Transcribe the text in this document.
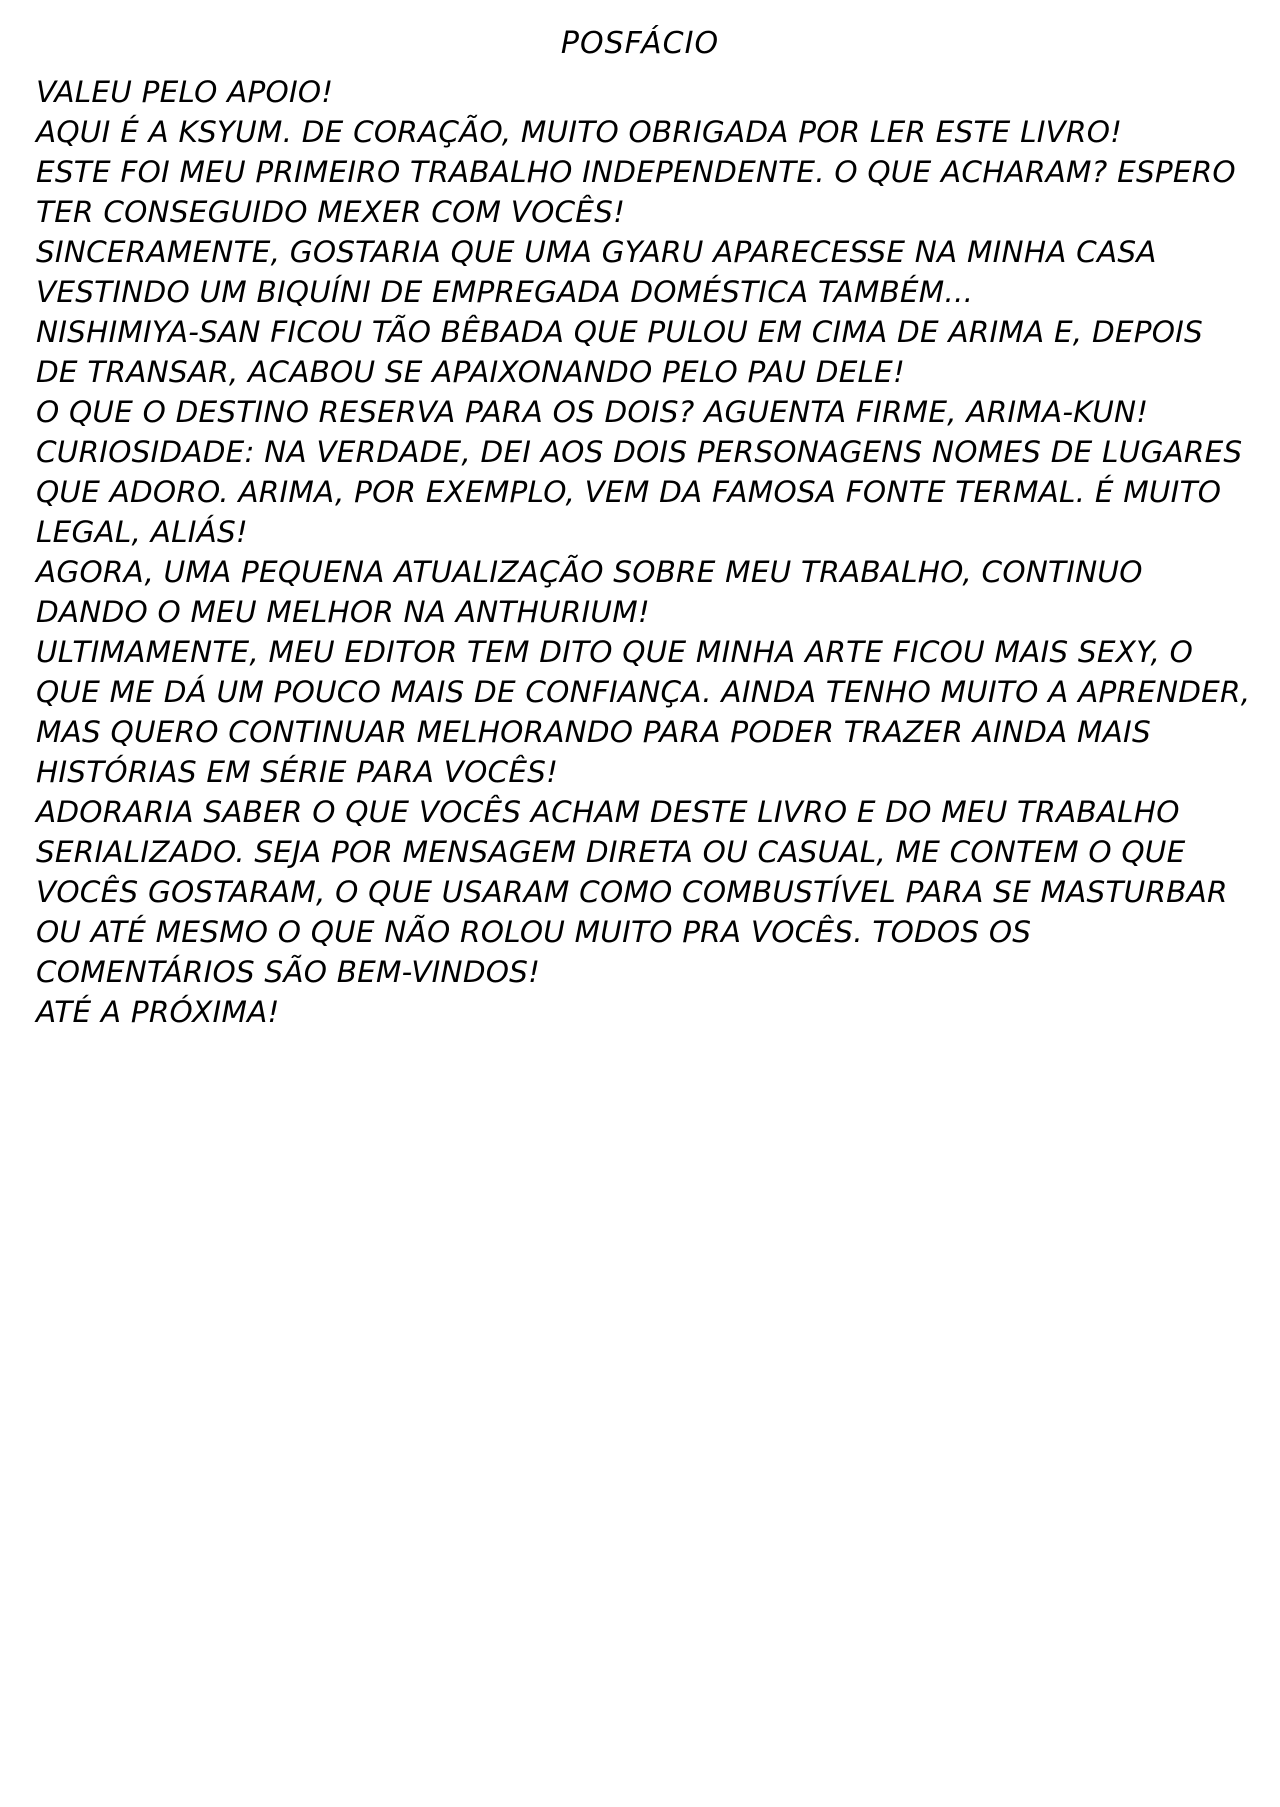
POSFÁCIO

VALEU PELO APOIO!

AQUI É A KSYUM. DE CORAÇÃO, MUITO OBRIGADA POR LER ESTE LIVRO!

ESTE FOI MEU PRIMEIRO TRABALHO INDEPENDENTE. O QUE ACHARAM? ESPERO TER CONSEGUIDO MEXER COM VOCÊS!

SINCERAMENTE, GOSTARIA QUE UMA GYARU APARECESSE NA MINHA CASA VESTINDO UM BIQUÍNI DE EMPREGADA DOMÉSTICA TAMBÉM...

NISHIMIYA-SAN FICOU TÃO BÊBADA QUE PULOU EM CIMA DE ARIMA E, DEPOIS DE TRANSAR, ACABOU SE APAIXONANDO PELO PAU DELE!

O QUE O DESTINO RESERVA PARA OS DOIS? AGUENTA FIRME, ARIMA-KUN! CURIOSIDADE: NA VERDADE, DEI AOS DOIS PERSONAGENS NOMES DE LUGARES QUE ADORO. ARIMA, POR EXEMPLO, VEM DA FAMOSA FONTE TERMAL. É MUITO LEGAL, ALIÁS!

AGORA, UMA PEQUENA ATUALIZAÇÃO SOBRE MEU TRABALHO, CONTINUO DANDO O MEU MELHOR NA ANTHURIUM!

ULTIMAMENTE, MEU EDITOR TEM DITO QUE MINHA ARTE FICOU MAIS SEXY, O QUE ME DÁ UM POUCO MAIS DE CONFIANÇA. AINDA TENHO MUITO A APRENDER, MAS QUERO CONTINUAR MELHORANDO PARA PODER TRAZER AINDA MAIS HISTÓRIAS EM SÉRIE PARA VOCÊS!

ADORARIA SABER O QUE VOCÊS ACHAM DESTE LIVRO E DO MEU TRABALHO SERIALIZADO. SEJA POR MENSAGEM DIRETA OU CASUAL, ME CONTEM O QUE VOCÊS GOSTARAM, O QUE USARAM COMO COMBUSTÍVEL PARA SE MASTURBAR OU ATÉ MESMO O QUE NÃO ROLOU MUITO PRA VOCÊS. TODOS OS COMENTÁRIOS SÃO BEM-VINDOS!

ATÉ A PRÓXIMA!
